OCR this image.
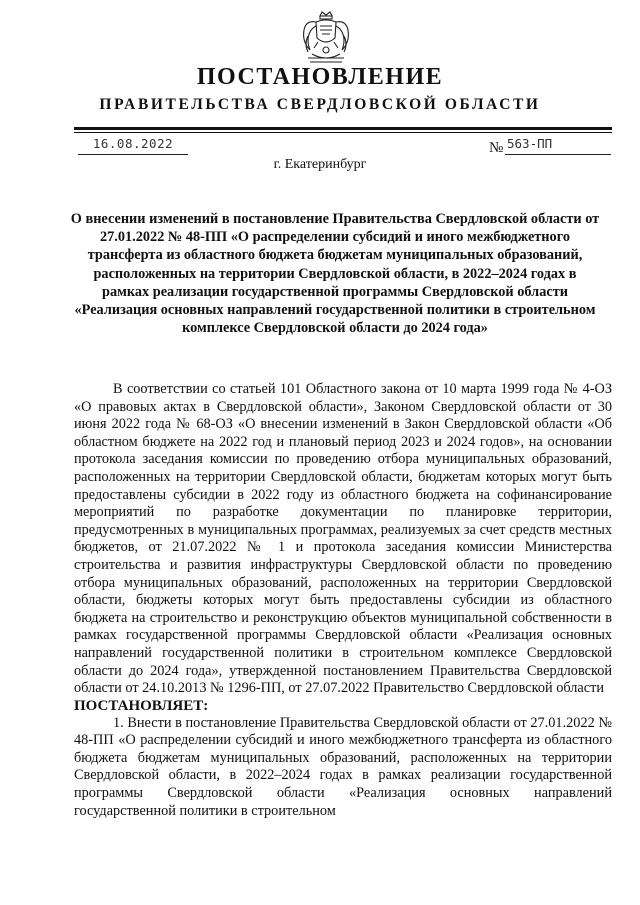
ПОСТАНОВЛЕНИЕ
ПРАВИТЕЛЬСТВА СВЕРДЛОВСКОЙ ОБЛАСТИ
16.08.2022	№ 563-ПП
г. Екатеринбург
О внесении изменений в постановление Правительства Свердловской области от 27.01.2022 № 48-ПП «О распределении субсидий и иного межбюджетного трансферта из областного бюджета бюджетам муниципальных образований, расположенных на территории Свердловской области, в 2022–2024 годах в рамках реализации государственной программы Свердловской области «Реализация основных направлений государственной политики в строительном комплексе Свердловской области до 2024 года»

В соответствии со статьей 101 Областного закона от 10 марта 1999 года № 4-ОЗ «О правовых актах в Свердловской области», Законом Свердловской области от 30 июня 2022 года № 68-ОЗ «О внесении изменений в Закон Свердловской области «Об областном бюджете на 2022 год и плановый период 2023 и 2024 годов», на основании протокола заседания комиссии по проведению отбора муниципальных образований, расположенных на территории Свердловской области, бюджетам которых могут быть предоставлены субсидии в 2022 году из областного бюджета на софинансирование мероприятий по разработке документации по планировке территории, предусмотренных в муниципальных программах, реализуемых за счет средств местных бюджетов, от 21.07.2022 № 1 и протокола заседания комиссии Министерства строительства и развития инфраструктуры Свердловской области по проведению отбора муниципальных образований, расположенных на территории Свердловской области, бюджеты которых могут быть предоставлены субсидии из областного бюджета на строительство и реконструкцию объектов муниципальной собственности в рамках государственной программы Свердловской области «Реализация основных направлений государственной политики в строительном комплексе Свердловской области до 2024 года», утвержденной постановлением Правительства Свердловской области от 24.10.2013 № 1296-ПП, от 27.07.2022 Правительство Свердловской области

ПОСТАНОВЛЯЕТ:

1. Внести в постановление Правительства Свердловской области от 27.01.2022 № 48-ПП «О распределении субсидий и иного межбюджетного трансферта из областного бюджета бюджетам муниципальных образований, расположенных на территории Свердловской области, в 2022–2024 годах в рамках реализации государственной программы Свердловской области «Реализация основных направлений государственной политики в строительном
